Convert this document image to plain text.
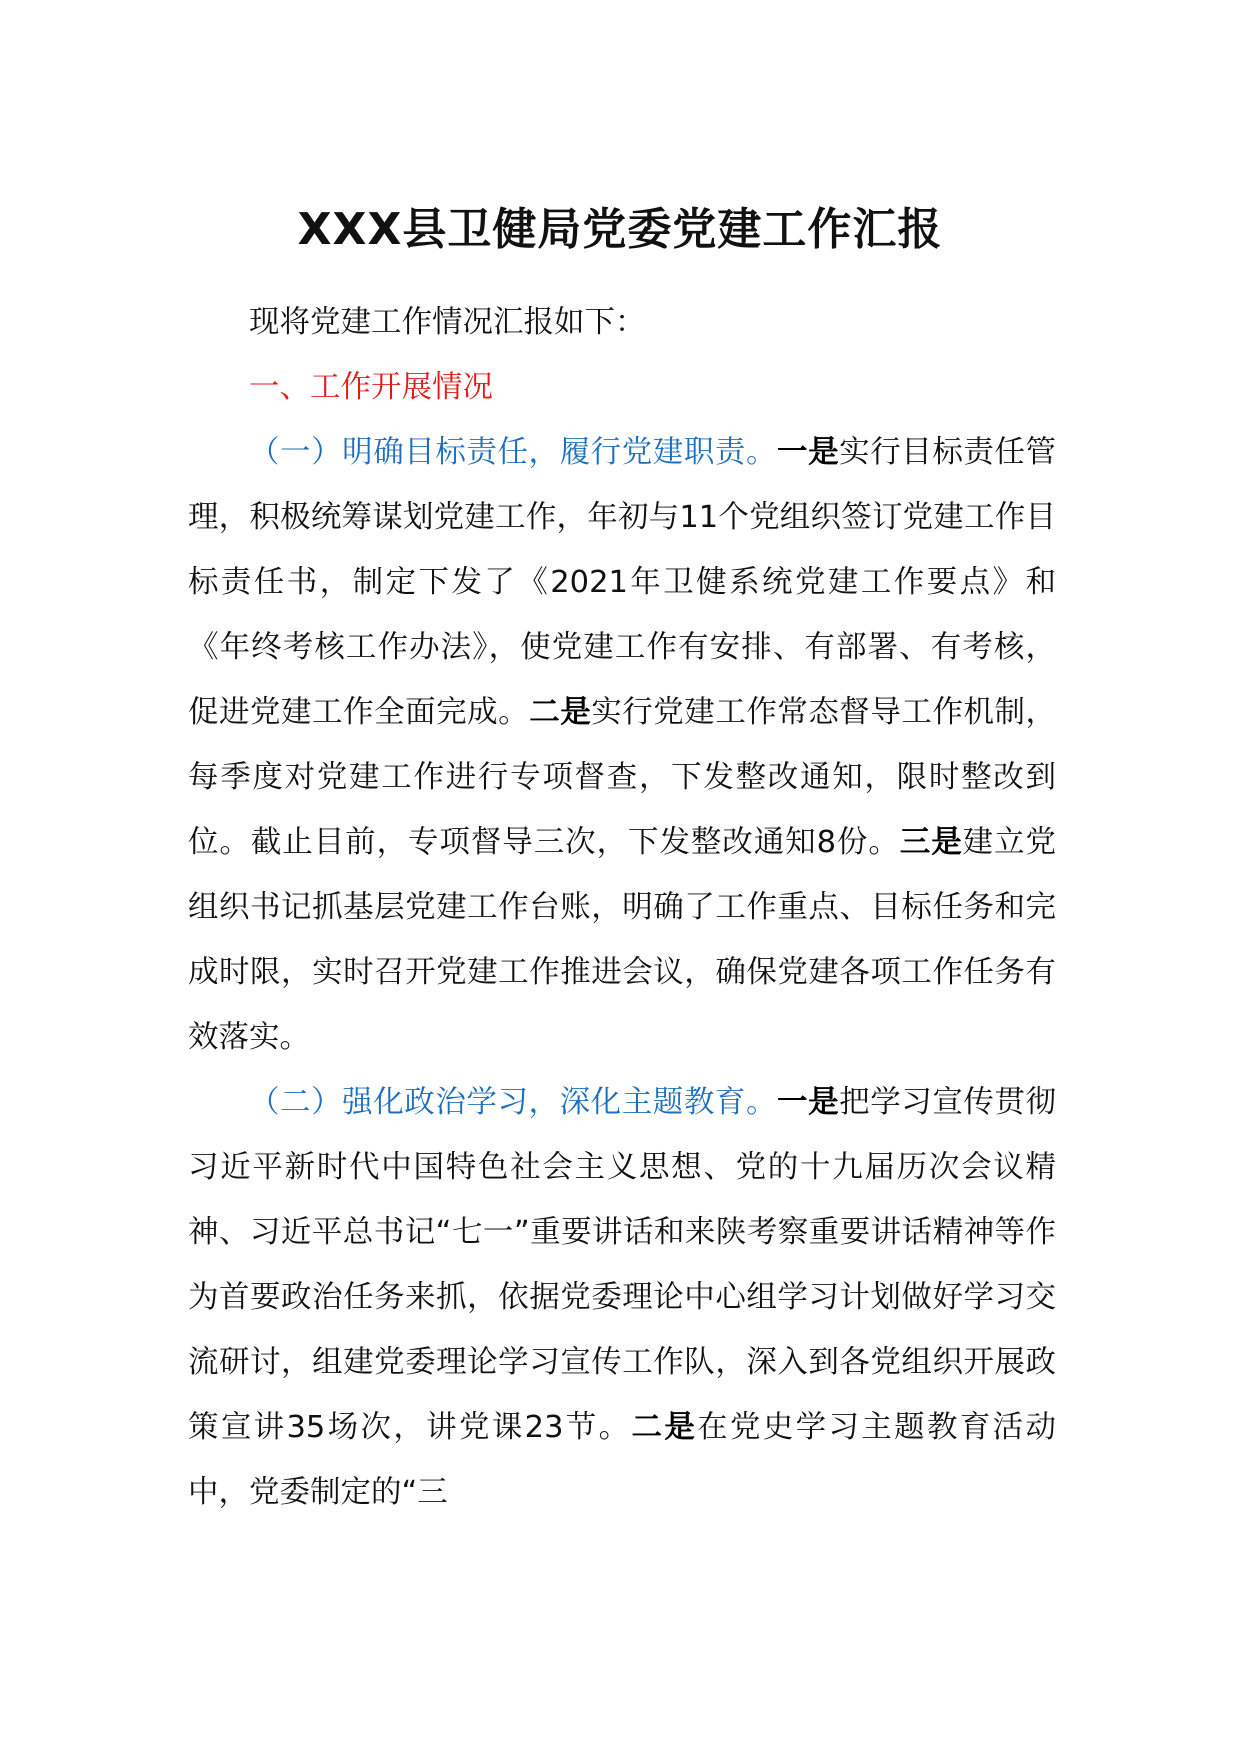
XXX县卫健局党委党建工作汇报

现将党建工作情况汇报如下：

一、工作开展情况

（一）明确目标责任，履行党建职责。一是实行目标责任管理，积极统筹谋划党建工作，年初与11个党组织签订党建工作目标责任书，制定下发了《2021年卫健系统党建工作要点》和《年终考核工作办法》，使党建工作有安排、有部署、有考核，促进党建工作全面完成。二是实行党建工作常态督导工作机制，每季度对党建工作进行专项督查，下发整改通知，限时整改到位。截止目前，专项督导三次，下发整改通知8份。三是建立党组织书记抓基层党建工作台账，明确了工作重点、目标任务和完成时限，实时召开党建工作推进会议，确保党建各项工作任务有效落实。

（二）强化政治学习，深化主题教育。一是把学习宣传贯彻习近平新时代中国特色社会主义思想、党的十九届历次会议精神、习近平总书记“七一”重要讲话和来陕考察重要讲话精神等作为首要政治任务来抓，依据党委理论中心组学习计划做好学习交流研讨，组建党委理论学习宣传工作队，深入到各党组织开展政策宣讲35场次，讲党课23节。二是在党史学习主题教育活动中，党委制定的“三
